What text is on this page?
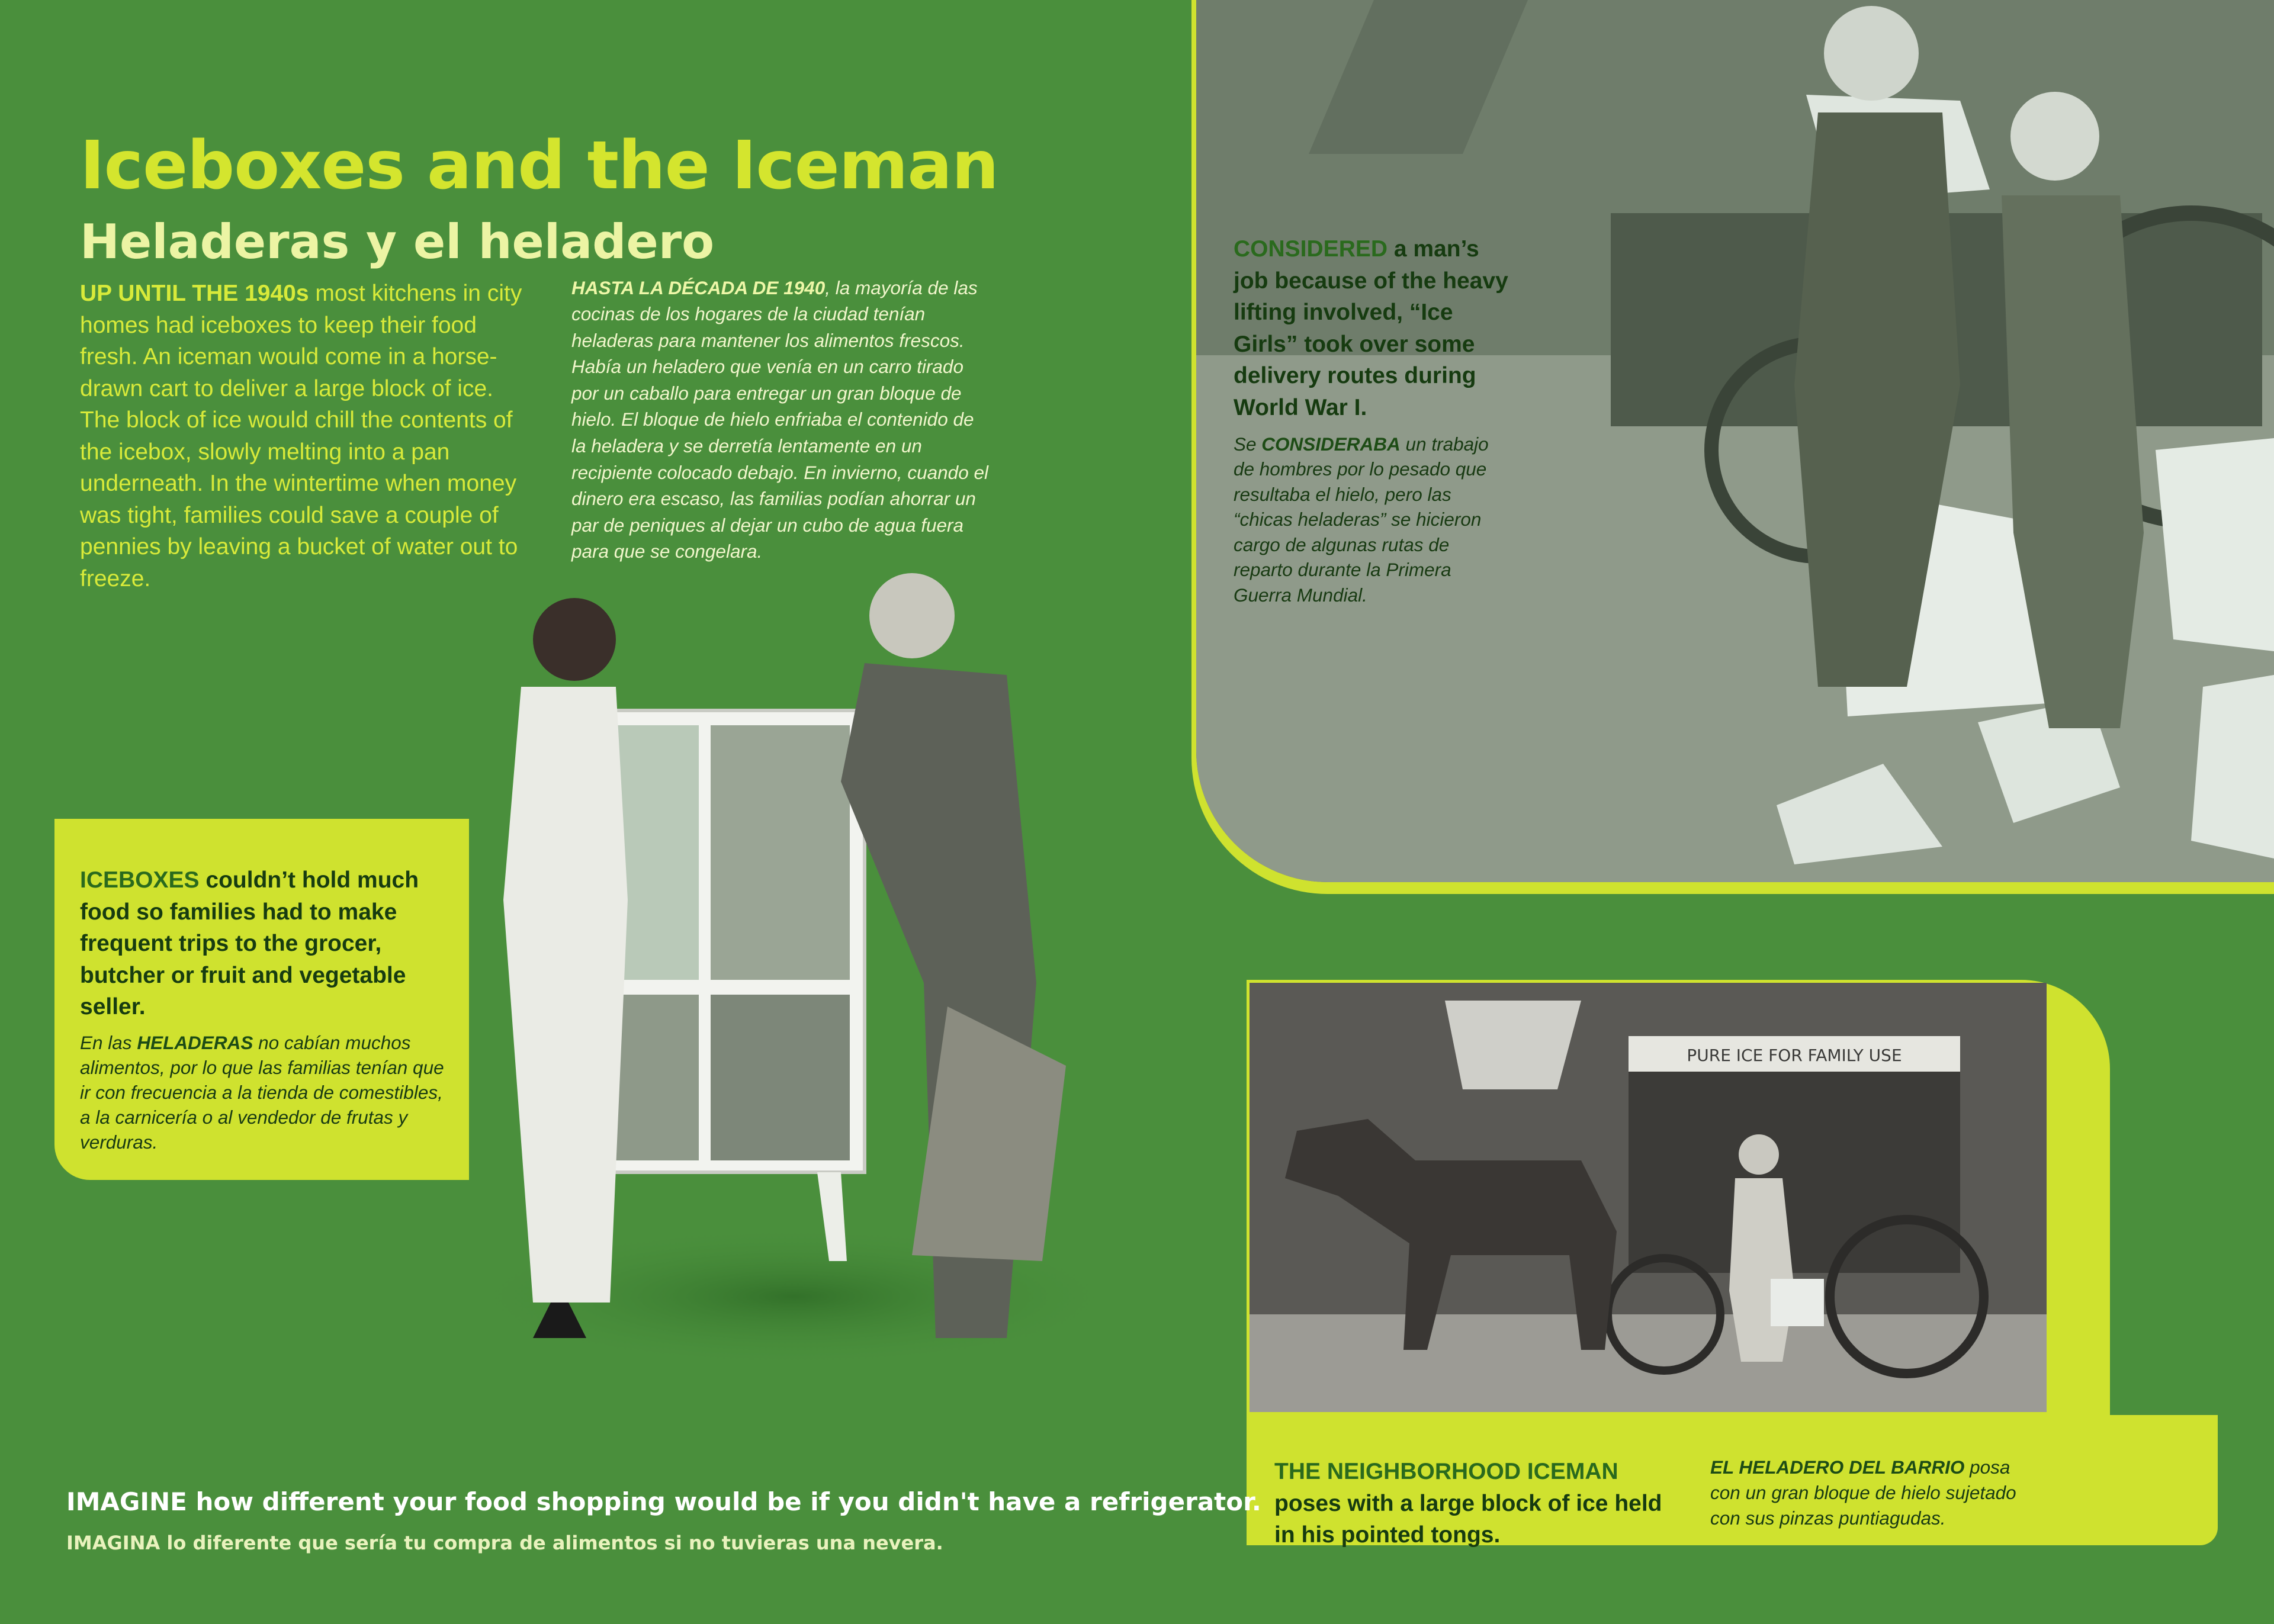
Iceboxes and the Iceman
Heladeras y el heladero

UP UNTIL THE 1940s most kitchens in city homes had iceboxes to keep their food fresh. An iceman would come in a horse-drawn cart to deliver a large block of ice. The block of ice would chill the contents of the icebox, slowly melting into a pan underneath. In the wintertime when money was tight, families could save a couple of pennies by leaving a bucket of water out to freeze.

HASTA LA DÉCADA DE 1940, la mayoría de las cocinas de los hogares de la ciudad tenían heladeras para mantener los alimentos frescos. Había un heladero que venía en un carro tirado por un caballo para entregar un gran bloque de hielo. El bloque de hielo enfriaba el contenido de la heladera y se derretía lentamente en un recipiente colocado debajo. En invierno, cuando el dinero era escaso, las familias podían ahorrar un par de peniques al dejar un cubo de agua fuera para que se congelara.

CONSIDERED a man’s job because of the heavy lifting involved, “Ice Girls” took over some delivery routes during World War I.

Se CONSIDERABA un trabajo de hombres por lo pesado que resultaba el hielo, pero las “chicas heladeras” se hicieron cargo de algunas rutas de reparto durante la Primera Guerra Mundial.

ICEBOXES couldn’t hold much food so families had to make frequent trips to the grocer, butcher or fruit and vegetable seller.

En las HELADERAS no cabían muchos alimentos, por lo que las familias tenían que ir con frecuencia a la tienda de comestibles, a la carnicería o al vendedor de frutas y verduras.

PURE ICE FOR FAMILY USE

THE NEIGHBORHOOD ICEMAN poses with a large block of ice held in his pointed tongs.

EL HELADERO DEL BARRIO posa con un gran bloque de hielo sujetado con sus pinzas puntiagudas.

IMAGINE how different your food shopping would be if you didn't have a refrigerator.

IMAGINA lo diferente que sería tu compra de alimentos si no tuvieras una nevera.
